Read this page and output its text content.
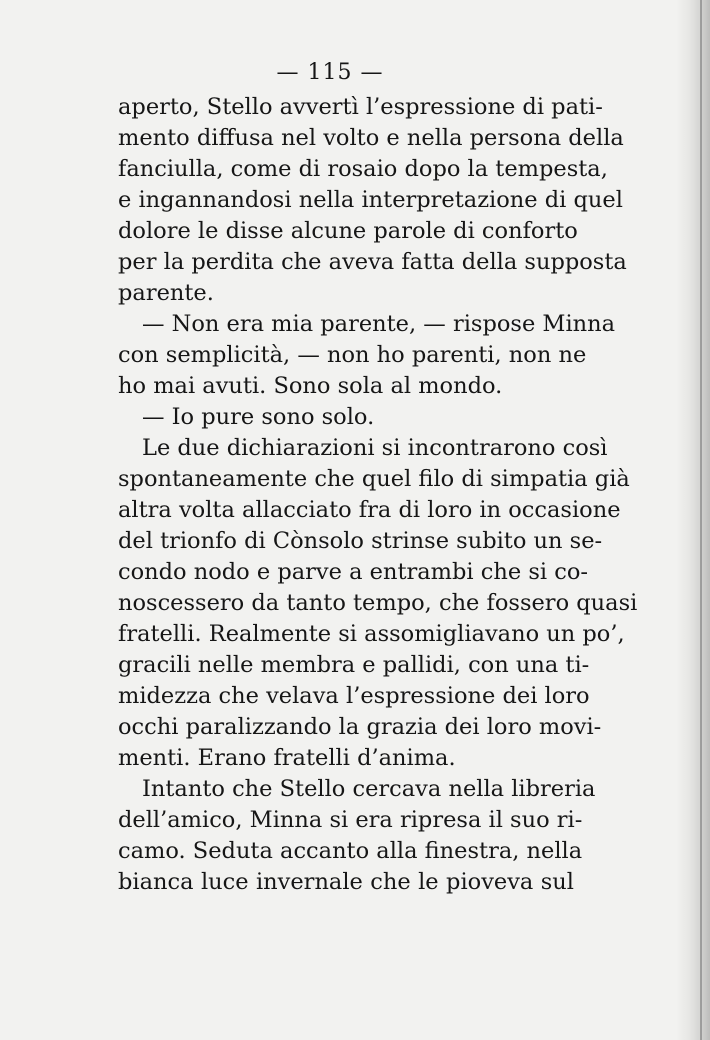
— 115 —
aperto, Stello avvertì l’espressione di pati-
mento diffusa nel volto e nella persona della
fanciulla, come di rosaio dopo la tempesta,
e ingannandosi nella interpretazione di quel
dolore le disse alcune parole di conforto
per la perdita che aveva fatta della supposta
parente.
— Non era mia parente, — rispose Minna
con semplicità, — non ho parenti, non ne
ho mai avuti. Sono sola al mondo.
— Io pure sono solo.
Le due dichiarazioni si incontrarono così
spontaneamente che quel filo di simpatia già
altra volta allacciato fra di loro in occasione
del trionfo di Cònsolo strinse subito un se-
condo nodo e parve a entrambi che si co-
noscessero da tanto tempo, che fossero quasi
fratelli. Realmente si assomigliavano un po’,
gracili nelle membra e pallidi, con una ti-
midezza che velava l’espressione dei loro
occhi paralizzando la grazia dei loro movi-
menti. Erano fratelli d’anima.
Intanto che Stello cercava nella libreria
dell’amico, Minna si era ripresa il suo ri-
camo. Seduta accanto alla finestra, nella
bianca luce invernale che le pioveva sul
